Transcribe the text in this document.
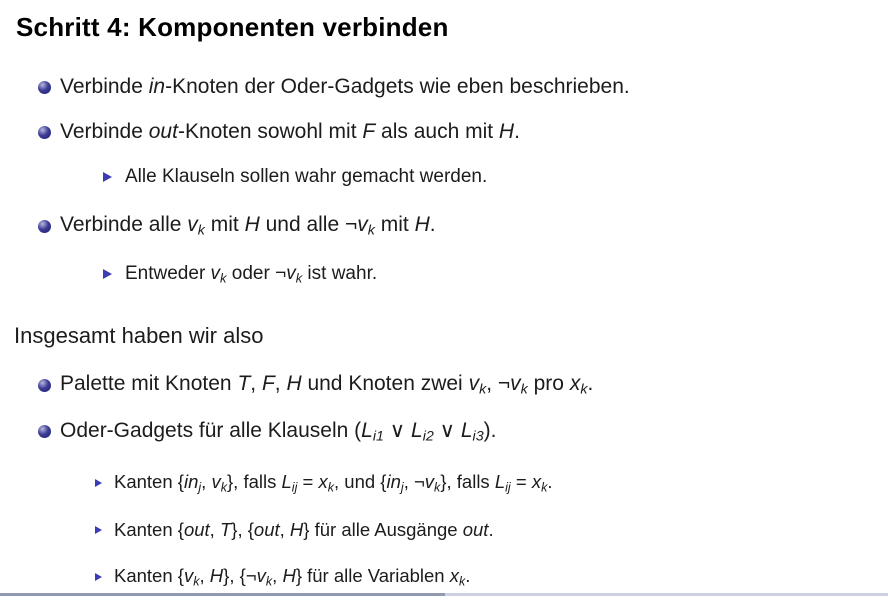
Schritt 4: Komponenten verbinden
Verbinde in-Knoten der Oder-Gadgets wie eben beschrieben.
Verbinde out-Knoten sowohl mit F als auch mit H.
Alle Klauseln sollen wahr gemacht werden.
Verbinde alle vk mit H und alle ¬vk mit H.
Entweder vk oder ¬vk ist wahr.
Insgesamt haben wir also
Palette mit Knoten T, F, H und Knoten zwei vk, ¬vk pro xk.
Oder-Gadgets für alle Klauseln (Li1 ∨ Li2 ∨ Li3).
Kanten {inj, vk}, falls Lij = xk, und {inj, ¬vk}, falls Lij = xk.
Kanten {out, T}, {out, H} für alle Ausgänge out.
Kanten {vk, H}, {¬vk, H} für alle Variablen xk.
